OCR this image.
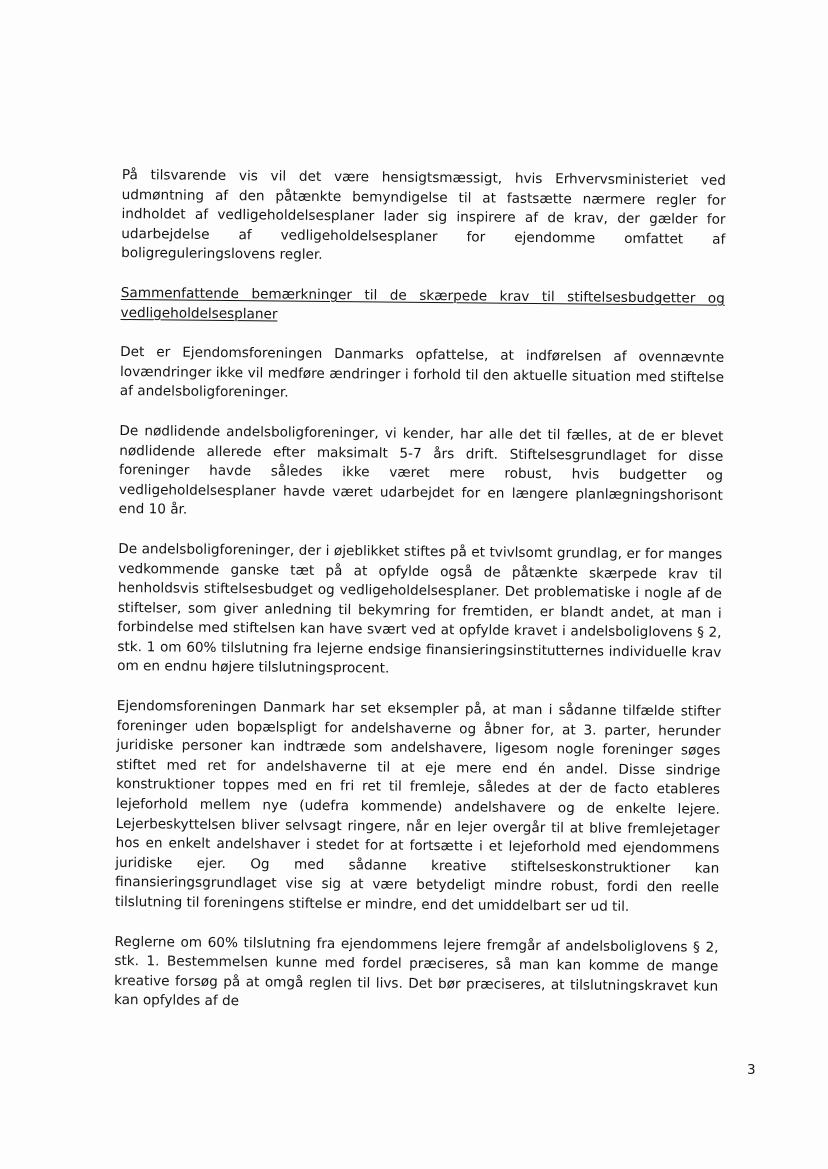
På tilsvarende vis vil det være hensigtsmæssigt, hvis Erhvervsministeriet ved udmøntning af den påtænkte bemyndigelse til at fastsætte nærmere regler for indholdet af vedligeholdelsesplaner lader sig inspirere af de krav, der gælder for udarbejdelse af vedligeholdelsesplaner for ejendomme omfattet af boligreguleringslovens regler.

Sammenfattende bemærkninger til de skærpede krav til stiftelsesbudgetter og vedligeholdelsesplaner

Det er Ejendomsforeningen Danmarks opfattelse, at indførelsen af ovennævnte lovændringer ikke vil medføre ændringer i forhold til den aktuelle situation med stiftelse af andelsboligforeninger.

De nødlidende andelsboligforeninger, vi kender, har alle det til fælles, at de er blevet nødlidende allerede efter maksimalt 5-7 års drift. Stiftelsesgrundlaget for disse foreninger havde således ikke været mere robust, hvis budgetter og vedligeholdelsesplaner havde været udarbejdet for en længere planlægningshorisont end 10 år.

De andelsboligforeninger, der i øjeblikket stiftes på et tvivlsomt grundlag, er for manges vedkommende ganske tæt på at opfylde også de påtænkte skærpede krav til henholdsvis stiftelsesbudget og vedligeholdelsesplaner. Det problematiske i nogle af de stiftelser, som giver anledning til bekymring for fremtiden, er blandt andet, at man i forbindelse med stiftelsen kan have svært ved at opfylde kravet i andelsboliglovens § 2, stk. 1 om 60% tilslutning fra lejerne endsige finansieringsinstitutternes individuelle krav om en endnu højere tilslutningsprocent.

Ejendomsforeningen Danmark har set eksempler på, at man i sådanne tilfælde stifter foreninger uden bopælspligt for andelshaverne og åbner for, at 3. parter, herunder juridiske personer kan indtræde som andelshavere, ligesom nogle foreninger søges stiftet med ret for andelshaverne til at eje mere end én andel. Disse sindrige konstruktioner toppes med en fri ret til fremleje, således at der de facto etableres lejeforhold mellem nye (udefra kommende) andelshavere og de enkelte lejere. Lejerbeskyttelsen bliver selvsagt ringere, når en lejer overgår til at blive fremlejetager hos en enkelt andelshaver i stedet for at fortsætte i et lejeforhold med ejendommens juridiske ejer. Og med sådanne kreative stiftelseskonstruktioner kan finansieringsgrundlaget vise sig at være betydeligt mindre robust, fordi den reelle tilslutning til foreningens stiftelse er mindre, end det umiddelbart ser ud til.

Reglerne om 60% tilslutning fra ejendommens lejere fremgår af andelsboliglovens § 2, stk. 1. Bestemmelsen kunne med fordel præciseres, så man kan komme de mange kreative forsøg på at omgå reglen til livs. Det bør præciseres, at tilslutningskravet kun kan opfyldes af de

3
